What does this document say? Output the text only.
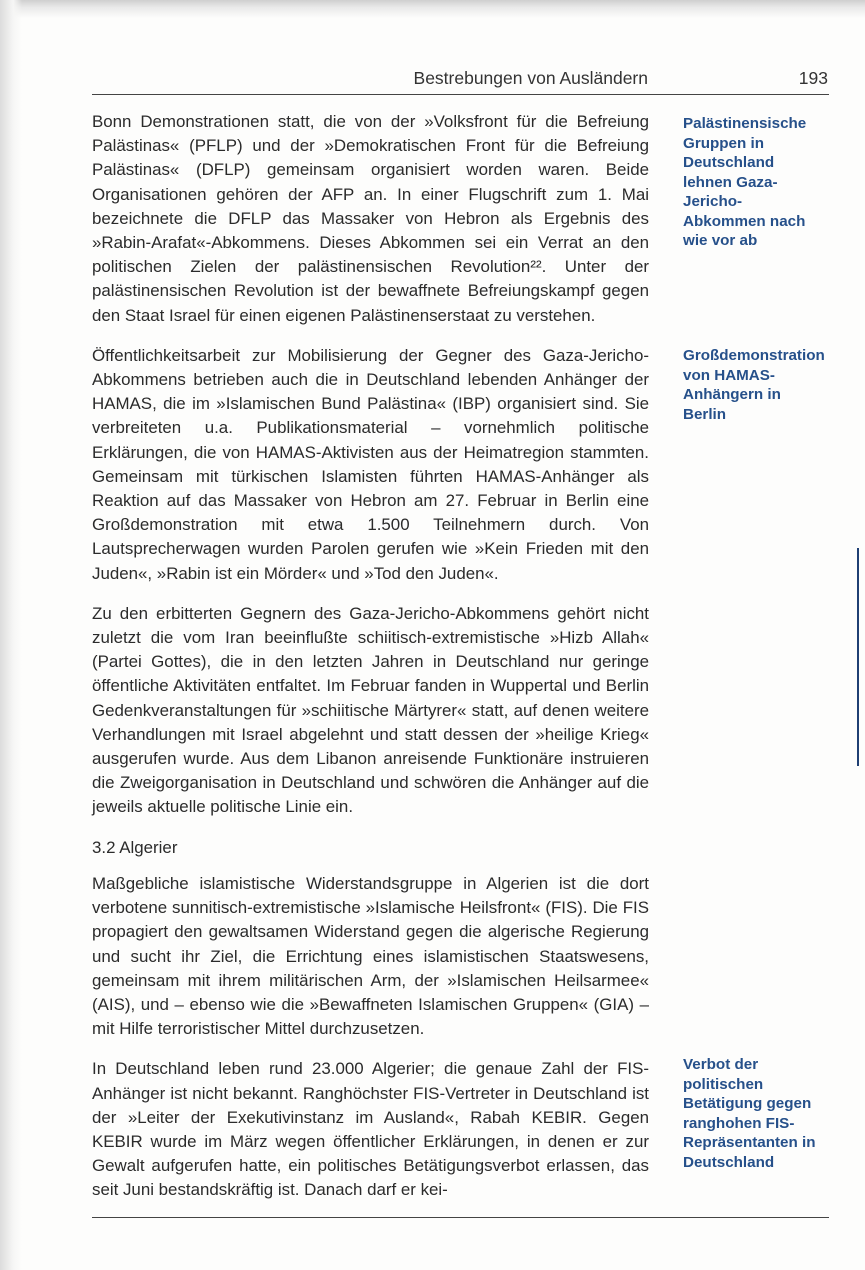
Bestrebungen von Ausländern	193

Bonn Demonstrationen statt, die von der »Volksfront für die Befreiung Palästinas« (PFLP) und der »Demokratischen Front für die Befreiung Palästinas« (DFLP) gemeinsam organisiert worden waren. Beide Organisationen gehören der AFP an. In einer Flugschrift zum 1. Mai bezeichnete die DFLP das Massaker von Hebron als Ergebnis des »Rabin-Arafat«-Abkommens. Dieses Abkommen sei ein Verrat an den politischen Zielen der palästinensischen Revolution²². Unter der palästinensischen Revolution ist der bewaffnete Befreiungskampf gegen den Staat Israel für einen eigenen Palästinenserstaat zu verstehen.

Öffentlichkeitsarbeit zur Mobilisierung der Gegner des Gaza-Jericho-Abkommens betrieben auch die in Deutschland lebenden Anhänger der HAMAS, die im »Islamischen Bund Palästina« (IBP) organisiert sind. Sie verbreiteten u.a. Publikationsmaterial – vornehmlich politische Erklärungen, die von HAMAS-Aktivisten aus der Heimatregion stammten. Gemeinsam mit türkischen Islamisten führten HAMAS-Anhänger als Reaktion auf das Massaker von Hebron am 27. Februar in Berlin eine Großdemonstration mit etwa 1.500 Teilnehmern durch. Von Lautsprecherwagen wurden Parolen gerufen wie »Kein Frieden mit den Juden«, »Rabin ist ein Mörder« und »Tod den Juden«.

Zu den erbitterten Gegnern des Gaza-Jericho-Abkommens gehört nicht zuletzt die vom Iran beeinflußte schiitisch-extremistische »Hizb Allah« (Partei Gottes), die in den letzten Jahren in Deutschland nur geringe öffentliche Aktivitäten entfaltet. Im Februar fanden in Wuppertal und Berlin Gedenkveranstaltungen für »schiitische Märtyrer« statt, auf denen weitere Verhandlungen mit Israel abgelehnt und statt dessen der »heilige Krieg« ausgerufen wurde. Aus dem Libanon anreisende Funktionäre instruieren die Zweigorganisation in Deutschland und schwören die Anhänger auf die jeweils aktuelle politische Linie ein.

3.2 Algerier

Maßgebliche islamistische Widerstandsgruppe in Algerien ist die dort verbotene sunnitisch-extremistische »Islamische Heilsfront« (FIS). Die FIS propagiert den gewaltsamen Widerstand gegen die algerische Regierung und sucht ihr Ziel, die Errichtung eines islamistischen Staatswesens, gemeinsam mit ihrem militärischen Arm, der »Islamischen Heilsarmee« (AIS), und – ebenso wie die »Bewaffneten Islamischen Gruppen« (GIA) – mit Hilfe terroristischer Mittel durchzusetzen.

In Deutschland leben rund 23.000 Algerier; die genaue Zahl der FIS-Anhänger ist nicht bekannt. Ranghöchster FIS-Vertreter in Deutschland ist der »Leiter der Exekutivinstanz im Ausland«, Rabah KEBIR. Gegen KEBIR wurde im März wegen öffentlicher Erklärungen, in denen er zur Gewalt aufgerufen hatte, ein politisches Betätigungsverbot erlassen, das seit Juni bestandskräftig ist. Danach darf er kei-

Palästinensische Gruppen in Deutschland lehnen Gaza-Jericho-Abkommen nach wie vor ab
Großdemonstration von HAMAS-Anhängern in Berlin
Verbot der politischen Betätigung gegen ranghohen FIS-Repräsentanten in Deutschland
